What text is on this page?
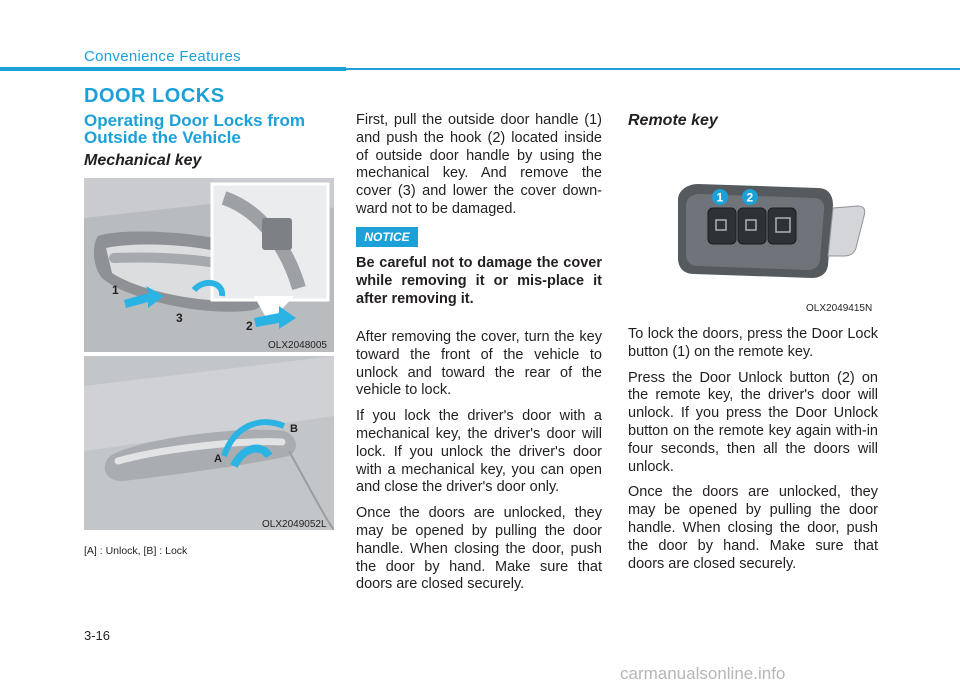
Convenience Features
DOOR LOCKS
Operating Door Locks from Outside the Vehicle
Mechanical key
1
2
3
OLX2048005
A
B
OLX2049052L
[A] : Unlock, [B] : Lock

First, pull the outside door handle (1) and push the hook (2) located inside of outside door handle by using the mechanical key. And remove the cover (3) and lower the cover down-ward not to be damaged.

NOTICE
Be careful not to damage the cover while removing it or mis-place it after removing it.

After removing the cover, turn the key toward the front of the vehicle to unlock and toward the rear of the vehicle to lock.

If you lock the driver's door with a mechanical key, the driver's door will lock. If you unlock the driver's door with a mechanical key, you can open and close the driver's door only.

Once the doors are unlocked, they may be opened by pulling the door handle. When closing the door, push the door by hand. Make sure that doors are closed securely.

Remote key
1 2
OLX2049415N

To lock the doors, press the Door Lock button (1) on the remote key.

Press the Door Unlock button (2) on the remote key, the driver's door will unlock. If you press the Door Unlock button on the remote key again with-in four seconds, then all the doors will unlock.

Once the doors are unlocked, they may be opened by pulling the door handle. When closing the door, push the door by hand. Make sure that doors are closed securely.

3-16
carmanualsonline.info
